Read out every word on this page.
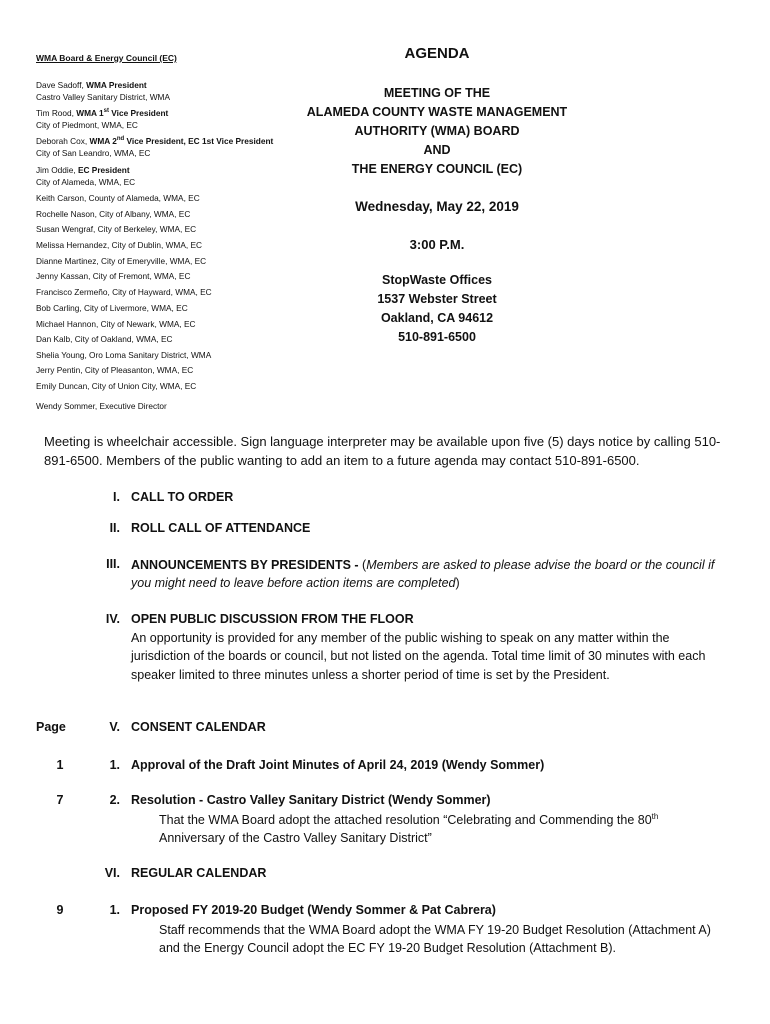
WMA Board & Energy Council (EC)
Dave Sadoff, WMA President
Castro Valley Sanitary District, WMA
Tim Rood, WMA 1st Vice President
City of Piedmont, WMA, EC
Deborah Cox, WMA 2nd Vice President, EC 1st Vice President
City of San Leandro, WMA, EC
Jim Oddie, EC President
City of Alameda, WMA, EC
Keith Carson, County of Alameda, WMA, EC
Rochelle Nason, City of Albany, WMA, EC
Susan Wengraf, City of Berkeley, WMA, EC
Melissa Hernandez, City of Dublin, WMA, EC
Dianne Martinez, City of Emeryville, WMA, EC
Jenny Kassan, City of Fremont, WMA, EC
Francisco Zermeño, City of Hayward, WMA, EC
Bob Carling, City of Livermore, WMA, EC
Michael Hannon, City of Newark, WMA, EC
Dan Kalb, City of Oakland, WMA, EC
Shelia Young, Oro Loma Sanitary District, WMA
Jerry Pentin, City of Pleasanton, WMA, EC
Emily Duncan, City of Union City, WMA, EC
Wendy Sommer, Executive Director
AGENDA
MEETING OF THE
ALAMEDA COUNTY WASTE MANAGEMENT
AUTHORITY (WMA) BOARD
AND
THE ENERGY COUNCIL (EC)
Wednesday, May 22, 2019
3:00 P.M.
StopWaste Offices
1537 Webster Street
Oakland, CA 94612
510-891-6500
Meeting is wheelchair accessible. Sign language interpreter may be available upon five (5) days notice by calling 510-891-6500. Members of the public wanting to add an item to a future agenda may contact 510-891-6500.
I. CALL TO ORDER
II. ROLL CALL OF ATTENDANCE
III. ANNOUNCEMENTS BY PRESIDENTS - (Members are asked to please advise the board or the council if you might need to leave before action items are completed)
IV. OPEN PUBLIC DISCUSSION FROM THE FLOOR
An opportunity is provided for any member of the public wishing to speak on any matter within the jurisdiction of the boards or council, but not listed on the agenda. Total time limit of 30 minutes with each speaker limited to three minutes unless a shorter period of time is set by the President.
Page	V. CONSENT CALENDAR
1	1. Approval of the Draft Joint Minutes of April 24, 2019 (Wendy Sommer)
7	2. Resolution - Castro Valley Sanitary District (Wendy Sommer)
That the WMA Board adopt the attached resolution “Celebrating and Commending the 80th Anniversary of the Castro Valley Sanitary District”
VI. REGULAR CALENDAR
9	1. Proposed FY 2019-20 Budget (Wendy Sommer & Pat Cabrera)
Staff recommends that the WMA Board adopt the WMA FY 19-20 Budget Resolution (Attachment A) and the Energy Council adopt the EC FY 19-20 Budget Resolution (Attachment B).
